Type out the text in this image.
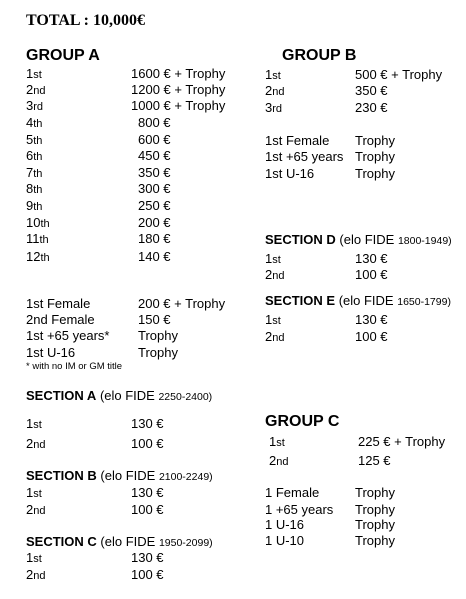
TOTAL : 10,000€
GROUP A
1st	1600 € + Trophy
2nd	1200 € + Trophy
3rd	1000 € + Trophy
4th	800 €
5th	600 €
6th	450 €
7th	350 €
8th	300 €
9th	250 €
10th	200 €
11th	180 €
12th	140 €
1st Female	200 € + Trophy
2nd Female	150 €
1st +65 years* Trophy
1st U-16	Trophy
* with no IM or GM title
SECTION A (elo FIDE 2250-2400)
1st	130 €
2nd	100 €
SECTION B (elo FIDE 2100-2249)
1st	130 €
2nd	100 €
SECTION C (elo FIDE 1950-2099)
1st	130 €
2nd	100 €
GROUP B
1st	500 € + Trophy
2nd	350 €
3rd	230 €
1st Female Trophy
1st +65 years Trophy
1st U-16	Trophy
SECTION D (elo FIDE 1800-1949)
1st	130 €
2nd	100 €
SECTION E (elo FIDE 1650-1799)
1st	130 €
2nd	100 €
GROUP C
1st	225 € + Trophy
2nd	125 €
1 Female	Trophy
1 +65 years Trophy
1 U-16	Trophy
1 U-10	Trophy
